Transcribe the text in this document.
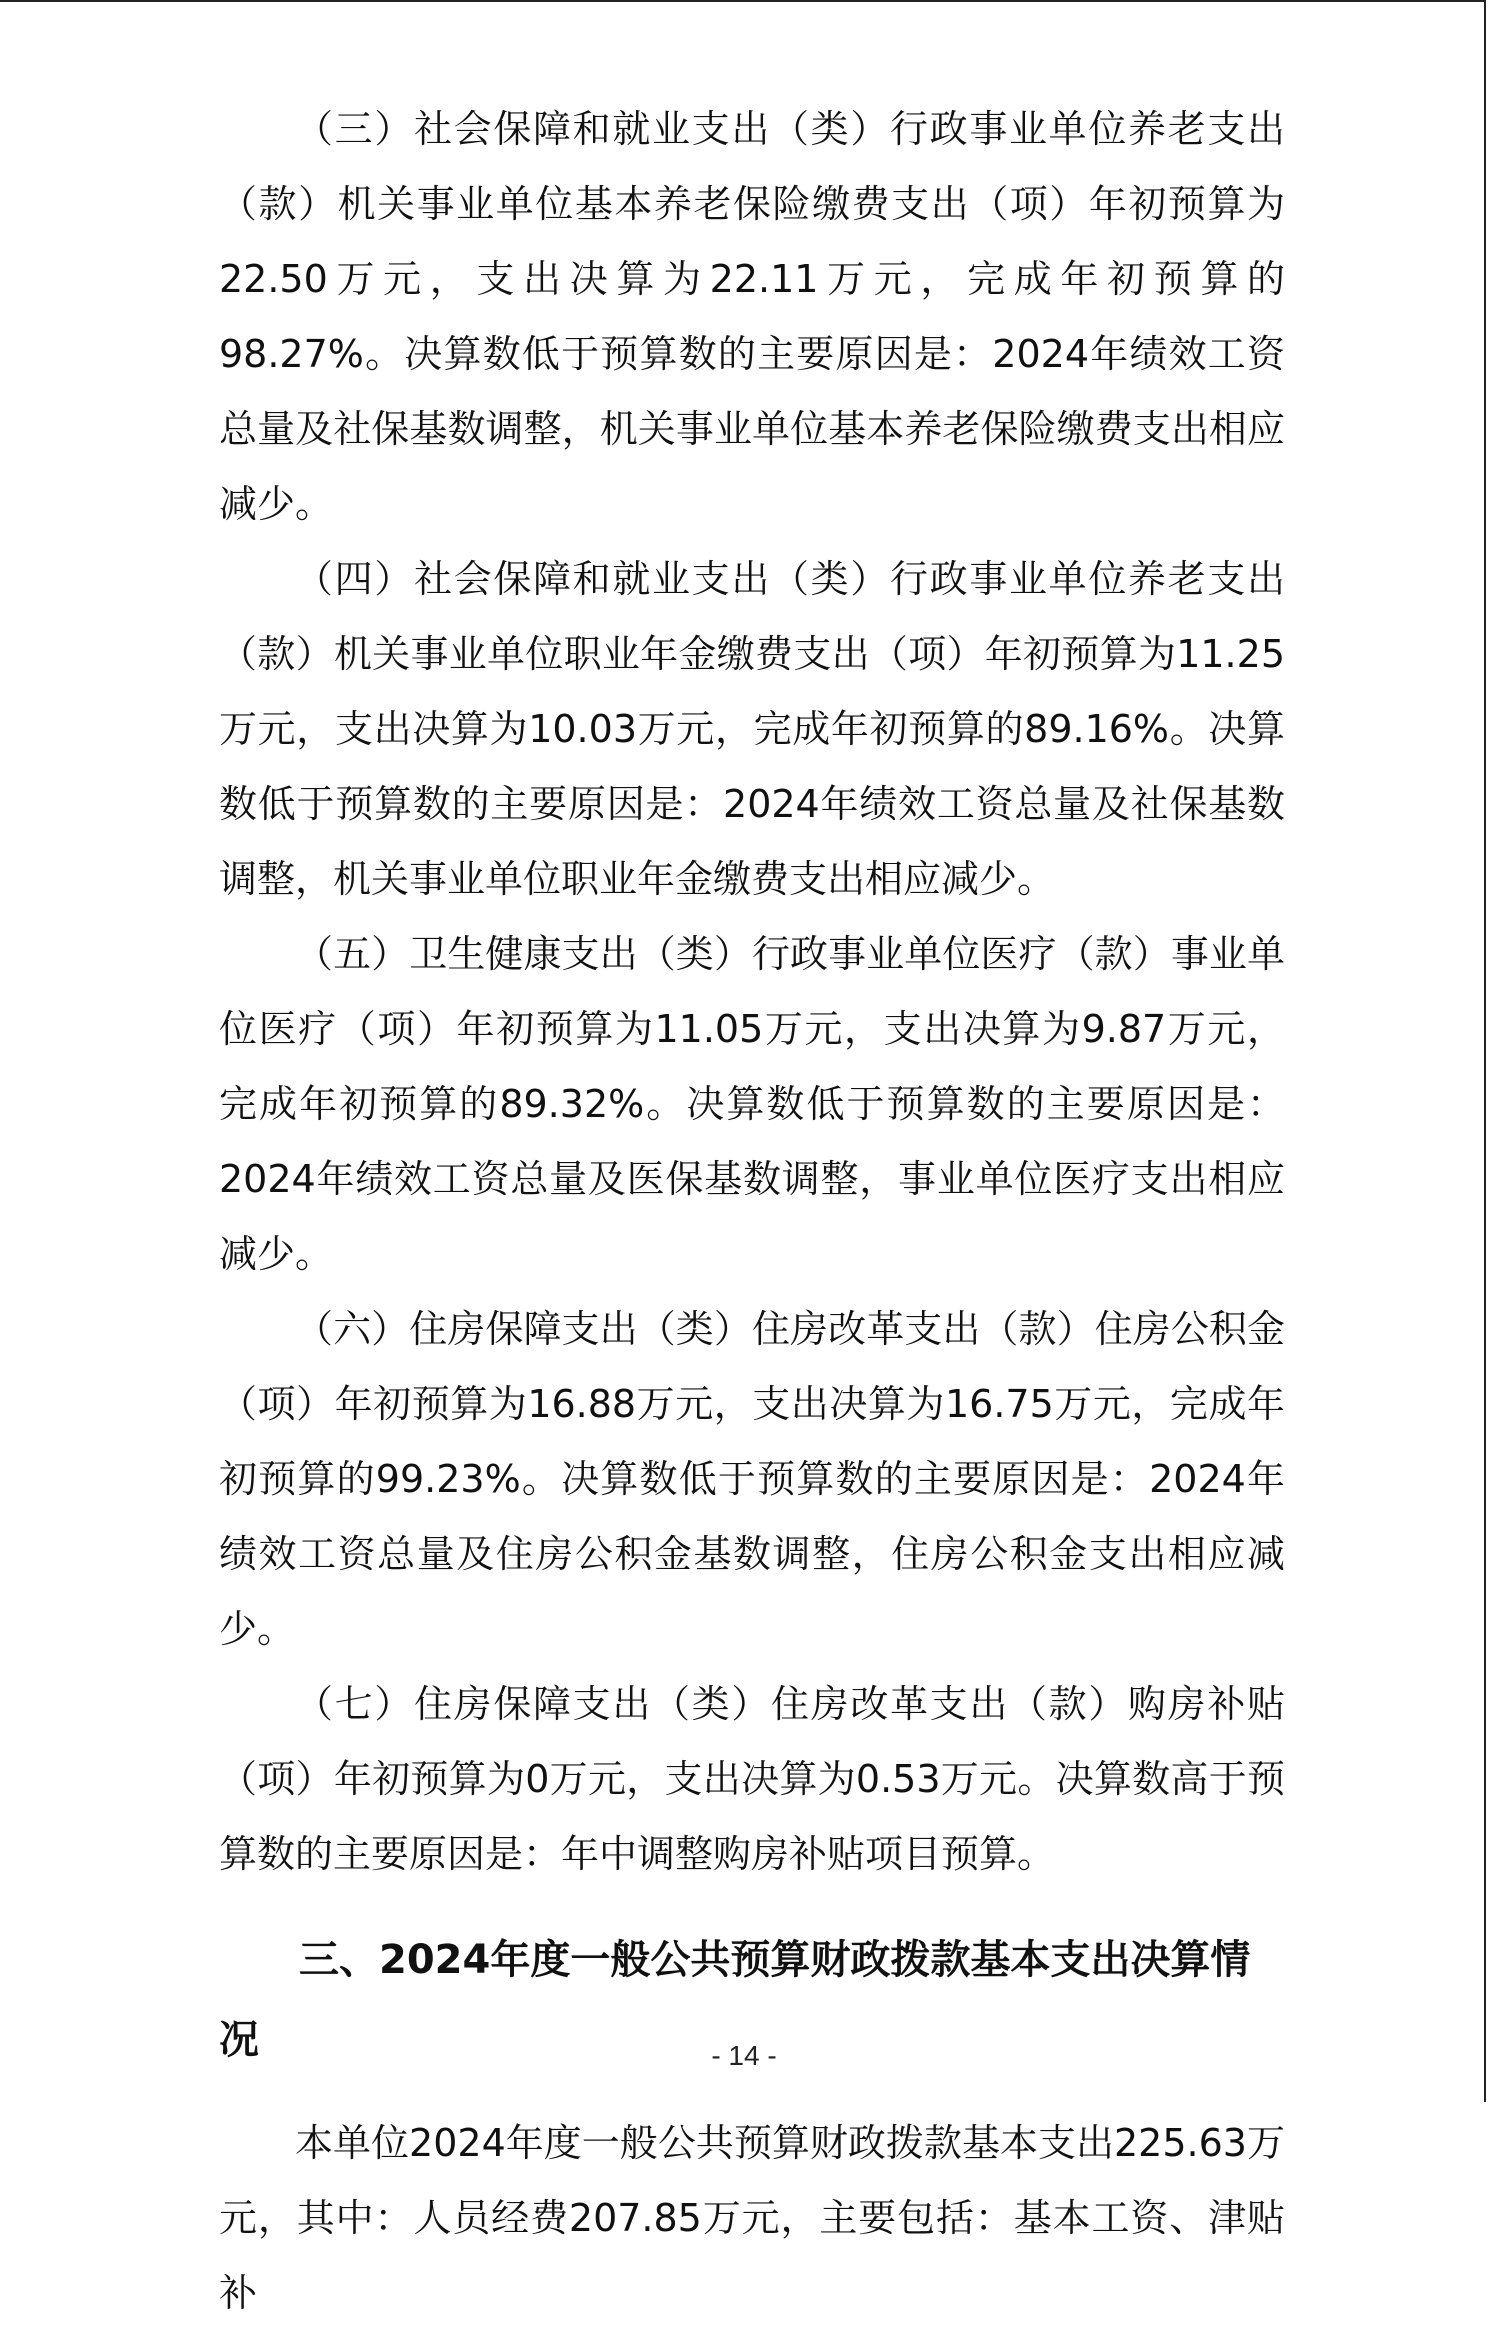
（三）社会保障和就业支出（类）行政事业单位养老支出（款）机关事业单位基本养老保险缴费支出（项）年初预算为22.50万元，支出决算为22.11万元，完成年初预算的98.27%。决算数低于预算数的主要原因是：2024年绩效工资总量及社保基数调整，机关事业单位基本养老保险缴费支出相应减少。

（四）社会保障和就业支出（类）行政事业单位养老支出（款）机关事业单位职业年金缴费支出（项）年初预算为11.25万元，支出决算为10.03万元，完成年初预算的89.16%。决算数低于预算数的主要原因是：2024年绩效工资总量及社保基数调整，机关事业单位职业年金缴费支出相应减少。

（五）卫生健康支出（类）行政事业单位医疗（款）事业单位医疗（项）年初预算为11.05万元，支出决算为9.87万元，完成年初预算的89.32%。决算数低于预算数的主要原因是：2024年绩效工资总量及医保基数调整，事业单位医疗支出相应减少。

（六）住房保障支出（类）住房改革支出（款）住房公积金（项）年初预算为16.88万元，支出决算为16.75万元，完成年初预算的99.23%。决算数低于预算数的主要原因是：2024年绩效工资总量及住房公积金基数调整，住房公积金支出相应减少。

（七）住房保障支出（类）住房改革支出（款）购房补贴（项）年初预算为0万元，支出决算为0.53万元。决算数高于预算数的主要原因是：年中调整购房补贴项目预算。

三、2024年度一般公共预算财政拨款基本支出决算情况

本单位2024年度一般公共预算财政拨款基本支出225.63万元，其中：人员经费207.85万元，主要包括：基本工资、津贴补

- 14 -
